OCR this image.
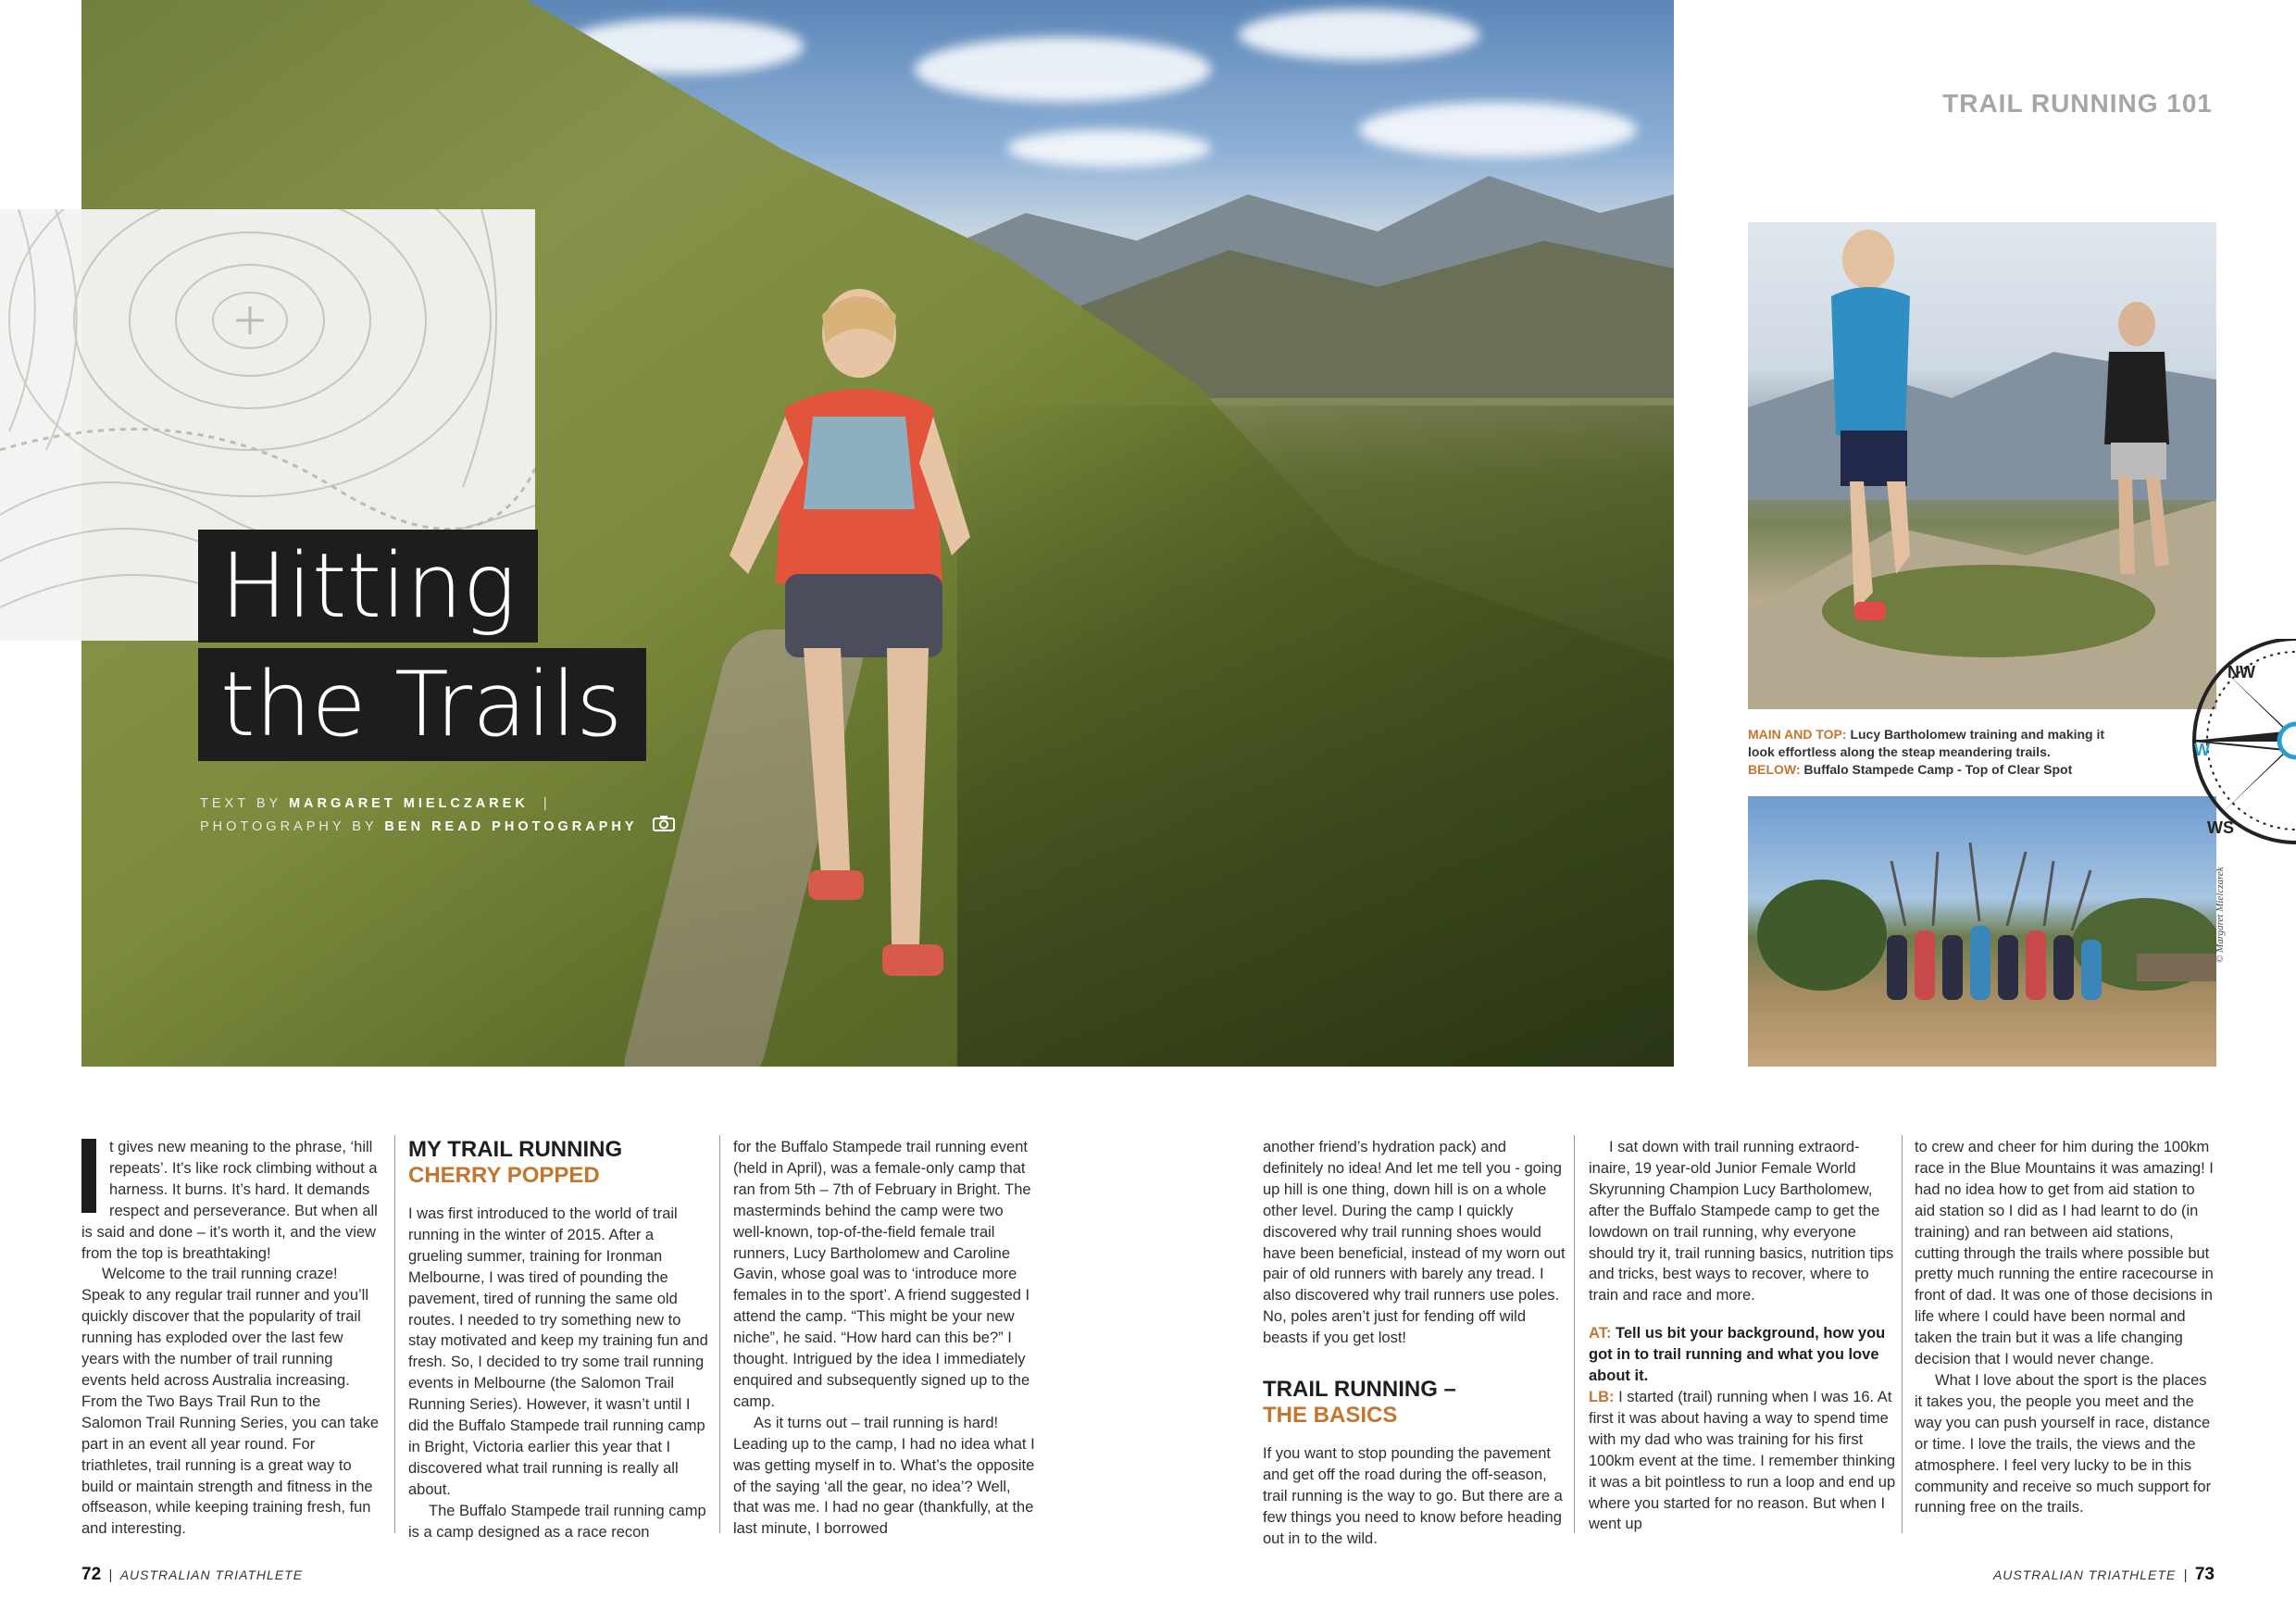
Hitting
the Trails
TEXT BY MARGARET MIELCZAREK  |
PHOTOGRAPHY BY BEN READ PHOTOGRAPHY
TRAIL RUNNING 101
MAIN AND TOP: Lucy Bartholomew training and making it look effortless along the steap meandering trails.
BELOW: Buffalo Stampede Camp - Top of Clear Spot
© Margaret Mielczarek
NW
W
WS

t gives new meaning to the phrase, ‘hill repeats’. It’s like rock climbing without a harness. It burns. It’s hard. It demands respect and perseverance. But when all is said and done – it’s worth it, and the view from the top is breathtaking!

Welcome to the trail running craze! Speak to any regular trail runner and you’ll quickly discover that the popularity of trail running has exploded over the last few years with the number of trail running events held across Australia increasing. From the Two Bays Trail Run to the Salomon Trail Running Series, you can take part in an event all year round. For triathletes, trail running is a great way to build or maintain strength and fitness in the offseason, while keeping training fresh, fun and interesting.

MY TRAIL RUNNING
CHERRY POPPED

I was first introduced to the world of trail running in the winter of 2015. After a grueling summer, training for Ironman Melbourne, I was tired of pounding the pavement, tired of running the same old routes. I needed to try something new to stay motivated and keep my training fun and fresh. So, I decided to try some trail running events in Melbourne (the Salomon Trail Running Series). However, it wasn’t until I did the Buffalo Stampede trail running camp in Bright, Victoria earlier this year that I discovered what trail running is really all about.

The Buffalo Stampede trail running camp is a camp designed as a race recon

for the Buffalo Stampede trail running event (held in April), was a female-only camp that ran from 5th – 7th of February in Bright. The masterminds behind the camp were two well-known, top-of-the-field female trail runners, Lucy Bartholomew and Caroline Gavin, whose goal was to ‘introduce more females in to the sport’. A friend suggested I attend the camp. “This might be your new niche”, he said. “How hard can this be?” I thought. Intrigued by the idea I immediately enquired and subsequently signed up to the camp.

As it turns out – trail running is hard! Leading up to the camp, I had no idea what I was getting myself in to. What’s the opposite of the saying ‘all the gear, no idea’? Well, that was me. I had no gear (thankfully, at the last minute, I borrowed

another friend’s hydration pack) and definitely no idea! And let me tell you - going up hill is one thing, down hill is on a whole other level. During the camp I quickly discovered why trail running shoes would have been beneficial, instead of my worn out pair of old runners with barely any tread. I also discovered why trail runners use poles. No, poles aren’t just for fending off wild beasts if you get lost!

TRAIL RUNNING –
THE BASICS

If you want to stop pounding the pavement and get off the road during the off-season, trail running is the way to go. But there are a few things you need to know before heading out in to the wild.

I sat down with trail running extraord-inaire, 19 year-old Junior Female World Skyrunning Champion Lucy Bartholomew, after the Buffalo Stampede camp to get the lowdown on trail running, why everyone should try it, trail running basics, nutrition tips and tricks, best ways to recover, where to train and race and more.

AT: Tell us bit your background, how you got in to trail running and what you love about it.

LB: I started (trail) running when I was 16. At first it was about having a way to spend time with my dad who was training for his first 100km event at the time. I remember thinking it was a bit pointless to run a loop and end up where you started for no reason. But when I went up

to crew and cheer for him during the 100km race in the Blue Mountains it was amazing! I had no idea how to get from aid station to aid station so I did as I had learnt to do (in training) and ran between aid stations, cutting through the trails where possible but pretty much running the entire racecourse in front of dad. It was one of those decisions in life where I could have been normal and taken the train but it was a life changing decision that I would never change.

What I love about the sport is the places it takes you, the people you meet and the way you can push yourself in race, distance or time. I love the trails, the views and the atmosphere. I feel very lucky to be in this community and receive so much support for running free on the trails.

72  |  AUSTRALIAN TRIATHLETE	AUSTRALIAN TRIATHLETE  |  73
